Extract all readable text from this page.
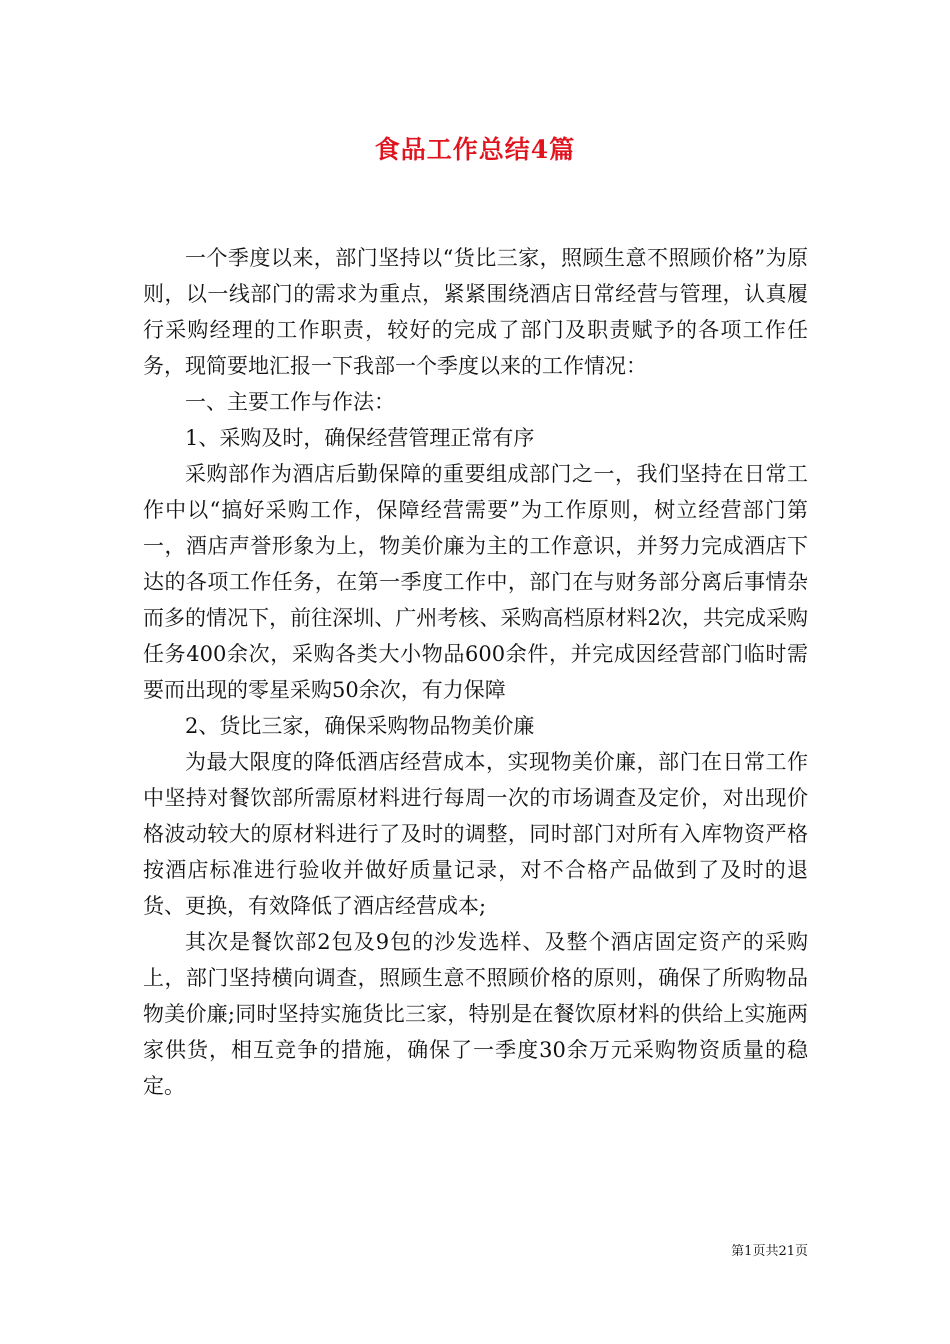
食品工作总结4篇

一个季度以来，部门坚持以“货比三家，照顾生意不照顾价格”为原则，以一线部门的需求为重点，紧紧围绕酒店日常经营与管理，认真履行采购经理的工作职责，较好的完成了部门及职责赋予的各项工作任务，现简要地汇报一下我部一个季度以来的工作情况：

一、主要工作与作法：

1、采购及时，确保经营管理正常有序

采购部作为酒店后勤保障的重要组成部门之一，我们坚持在日常工作中以“搞好采购工作，保障经营需要”为工作原则，树立经营部门第一，酒店声誉形象为上，物美价廉为主的工作意识，并努力完成酒店下达的各项工作任务，在第一季度工作中，部门在与财务部分离后事情杂而多的情况下，前往深圳、广州考核、采购高档原材料2次，共完成采购任务400余次，采购各类大小物品600余件，并完成因经营部门临时需要而出现的零星采购50余次，有力保障

2、货比三家，确保采购物品物美价廉

为最大限度的降低酒店经营成本，实现物美价廉，部门在日常工作中坚持对餐饮部所需原材料进行每周一次的市场调查及定价，对出现价格波动较大的原材料进行了及时的调整，同时部门对所有入库物资严格按酒店标准进行验收并做好质量记录，对不合格产品做到了及时的退货、更换，有效降低了酒店经营成本;

其次是餐饮部2包及9包的沙发选样、及整个酒店固定资产的采购上，部门坚持横向调查，照顾生意不照顾价格的原则，确保了所购物品物美价廉;同时坚持实施货比三家，特别是在餐饮原材料的供给上实施两家供货，相互竞争的措施，确保了一季度30余万元采购物资质量的稳定。

第1页共21页
